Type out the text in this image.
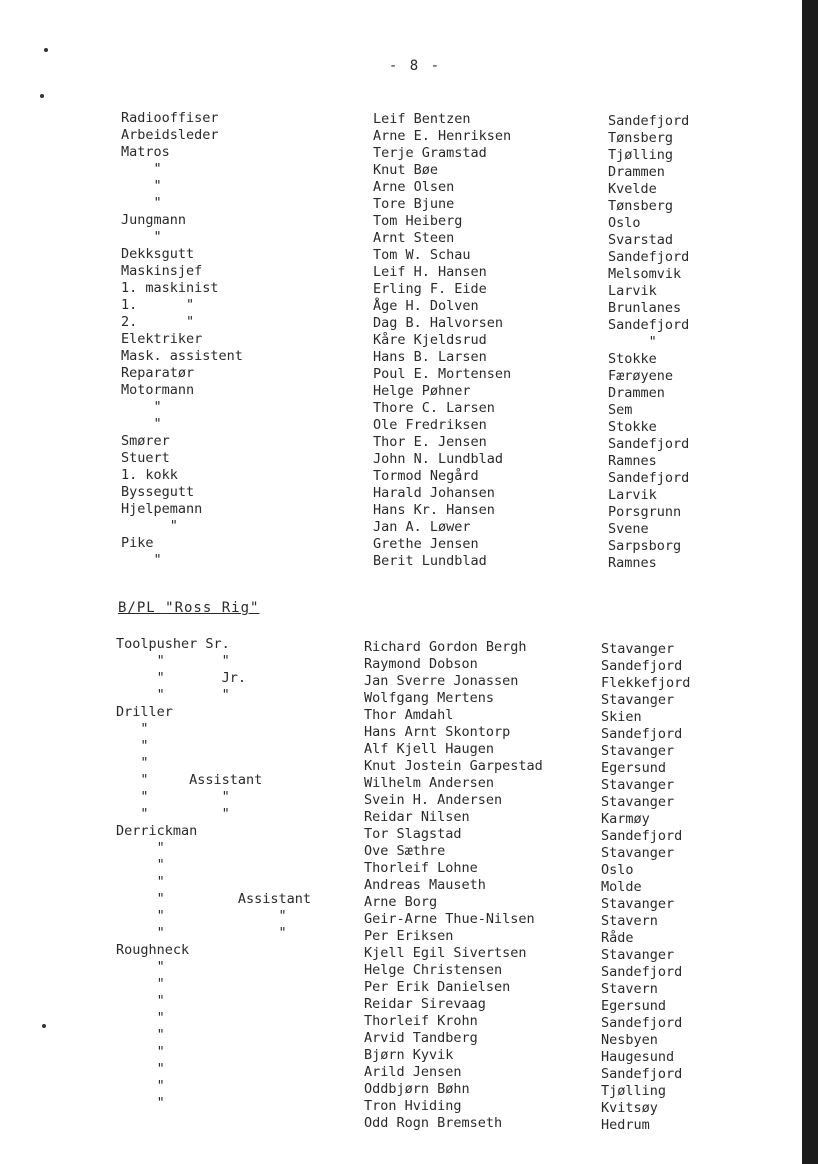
- 8 -
Radiooffiser
Arbeidsleder
Matros
"
"
"
Jungmann
"
Dekksgutt
Maskinsjef
1. maskinist
1.      "
2.      "
Elektriker
Mask. assistent
Reparatør
Motormann
"
"
Smører
Stuert
1. kokk
Byssegutt
Hjelpemann
"
Pike
"
Leif Bentzen
Arne E. Henriksen
Terje Gramstad
Knut Bøe
Arne Olsen
Tore Bjune
Tom Heiberg
Arnt Steen
Tom W. Schau
Leif H. Hansen
Erling F. Eide
Åge H. Dolven
Dag B. Halvorsen
Kåre Kjeldsrud
Hans B. Larsen
Poul E. Mortensen
Helge Pøhner
Thore C. Larsen
Ole Fredriksen
Thor E. Jensen
John N. Lundblad
Tormod Negård
Harald Johansen
Hans Kr. Hansen
Jan A. Løwer
Grethe Jensen
Berit Lundblad
Sandefjord
Tønsberg
Tjølling
Drammen
Kvelde
Tønsberg
Oslo
Svarstad
Sandefjord
Melsomvik
Larvik
Brunlanes
Sandefjord
"
Stokke
Færøyene
Drammen
Sem
Stokke
Sandefjord
Ramnes
Sandefjord
Larvik
Porsgrunn
Svene
Sarpsborg
Ramnes
B/PL "Ross Rig"
Toolpusher Sr.
"       "
"       Jr.
"       "
Driller
"
"
"
"     Assistant
"         "
"         "
Derrickman
"
"
"
"         Assistant
"              "
"              "
Roughneck
"
"
"
"
"
"
"
"
"
Richard Gordon Bergh
Raymond Dobson
Jan Sverre Jonassen
Wolfgang Mertens
Thor Amdahl
Hans Arnt Skontorp
Alf Kjell Haugen
Knut Jostein Garpestad
Wilhelm Andersen
Svein H. Andersen
Reidar Nilsen
Tor Slagstad
Ove Sæthre
Thorleif Lohne
Andreas Mauseth
Arne Borg
Geir-Arne Thue-Nilsen
Per Eriksen
Kjell Egil Sivertsen
Helge Christensen
Per Erik Danielsen
Reidar Sirevaag
Thorleif Krohn
Arvid Tandberg
Bjørn Kyvik
Arild Jensen
Oddbjørn Bøhn
Tron Hviding
Odd Rogn Bremseth
Stavanger
Sandefjord
Flekkefjord
Stavanger
Skien
Sandefjord
Stavanger
Egersund
Stavanger
Stavanger
Karmøy
Sandefjord
Stavanger
Oslo
Molde
Stavanger
Stavern
Råde
Stavanger
Sandefjord
Stavern
Egersund
Sandefjord
Nesbyen
Haugesund
Sandefjord
Tjølling
Kvitsøy
Hedrum
